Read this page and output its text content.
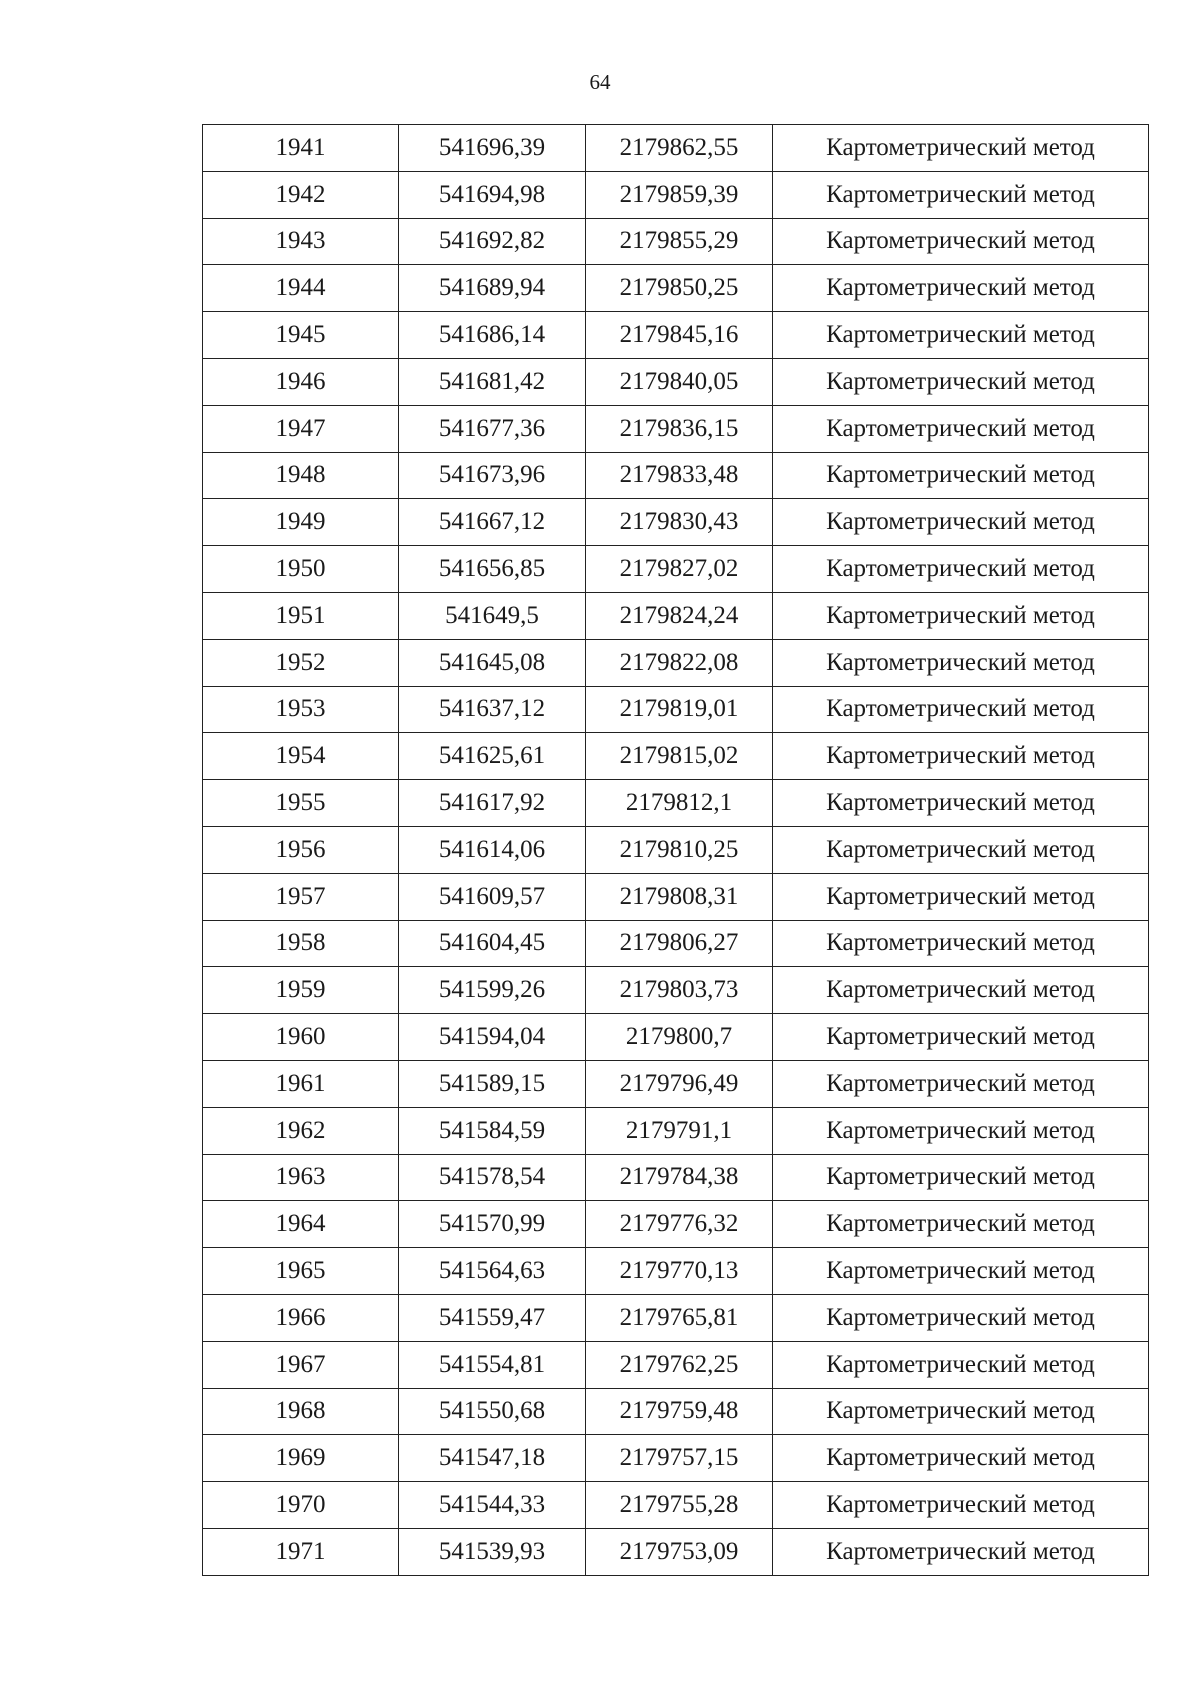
64
1941	541696,39	2179862,55	Картометрический метод
1942	541694,98	2179859,39	Картометрический метод
1943	541692,82	2179855,29	Картометрический метод
1944	541689,94	2179850,25	Картометрический метод
1945	541686,14	2179845,16	Картометрический метод
1946	541681,42	2179840,05	Картометрический метод
1947	541677,36	2179836,15	Картометрический метод
1948	541673,96	2179833,48	Картометрический метод
1949	541667,12	2179830,43	Картометрический метод
1950	541656,85	2179827,02	Картометрический метод
1951	541649,5	2179824,24	Картометрический метод
1952	541645,08	2179822,08	Картометрический метод
1953	541637,12	2179819,01	Картометрический метод
1954	541625,61	2179815,02	Картометрический метод
1955	541617,92	2179812,1	Картометрический метод
1956	541614,06	2179810,25	Картометрический метод
1957	541609,57	2179808,31	Картометрический метод
1958	541604,45	2179806,27	Картометрический метод
1959	541599,26	2179803,73	Картометрический метод
1960	541594,04	2179800,7	Картометрический метод
1961	541589,15	2179796,49	Картометрический метод
1962	541584,59	2179791,1	Картометрический метод
1963	541578,54	2179784,38	Картометрический метод
1964	541570,99	2179776,32	Картометрический метод
1965	541564,63	2179770,13	Картометрический метод
1966	541559,47	2179765,81	Картометрический метод
1967	541554,81	2179762,25	Картометрический метод
1968	541550,68	2179759,48	Картометрический метод
1969	541547,18	2179757,15	Картометрический метод
1970	541544,33	2179755,28	Картометрический метод
1971	541539,93	2179753,09	Картометрический метод
